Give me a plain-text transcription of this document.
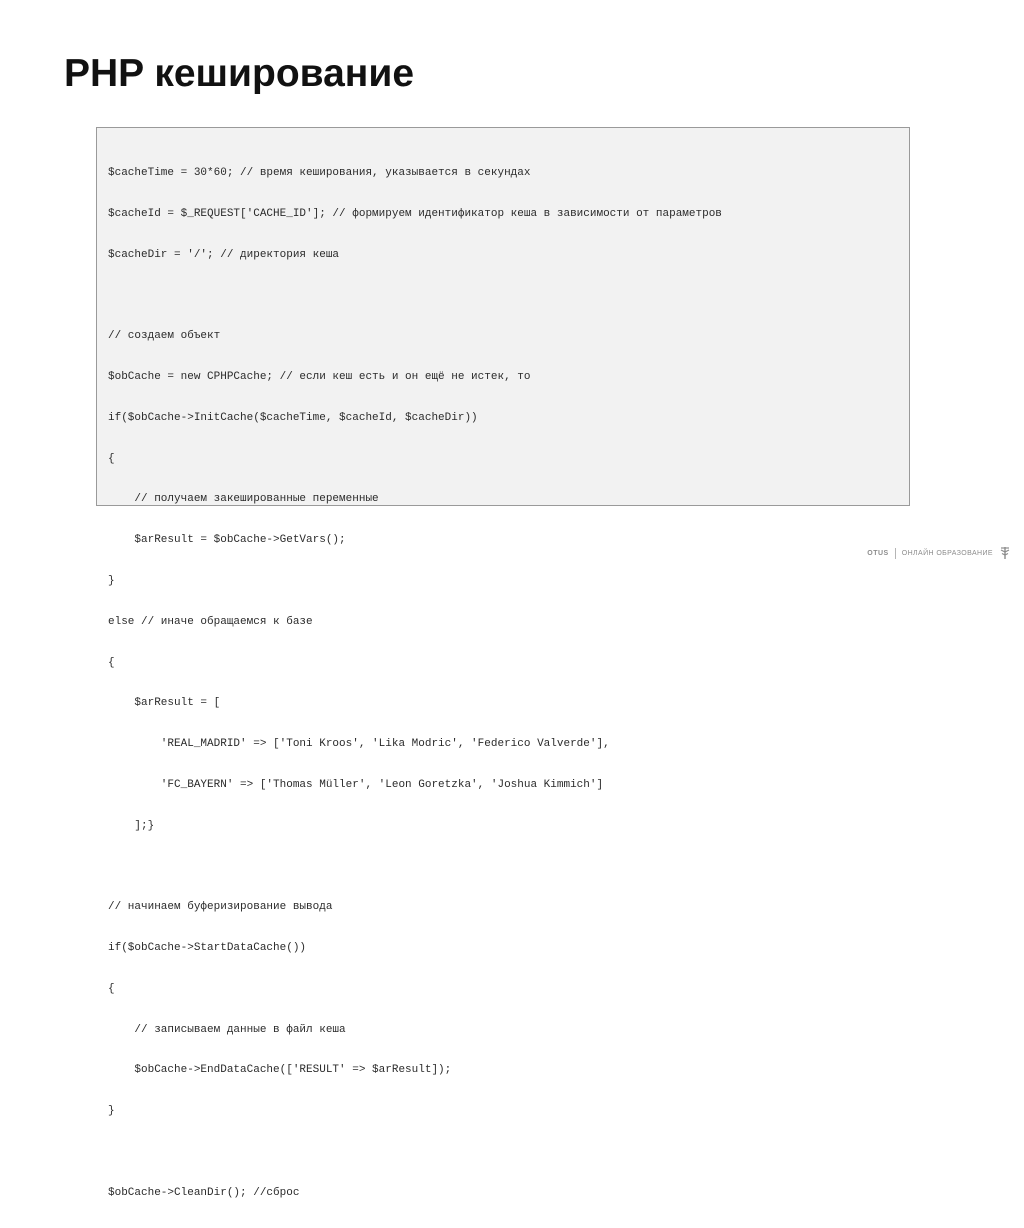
PHP кеширование

$cacheTime = 30*60; // время кеширования, указывается в секундах

$cacheId = $_REQUEST['CACHE_ID']; // формируем идентификатор кеша в зависимости от параметров

$cacheDir = '/'; // директория кеша

// создаем объект

$obCache = new CPHPCache; // если кеш есть и он ещё не истек, то

if($obCache->InitCache($cacheTime, $cacheId, $cacheDir))

{

// получаем закешированные переменные

$arResult = $obCache->GetVars();

}

else // иначе обращаемся к базе

{

$arResult = [

'REAL_MADRID' => ['Toni Kroos', 'Lika Modric', 'Federico Valverde'],

'FC_BAYERN' => ['Thomas Müller', 'Leon Goretzka', 'Joshua Kimmich']

];}

// начинаем буферизирование вывода

if($obCache->StartDataCache())

{

// записываем данные в файл кеша

$obCache->EndDataCache(['RESULT' => $arResult]);

}

$obCache->CleanDir(); //сброс

OTUS ОНЛАЙН ОБРАЗОВАНИЕ
